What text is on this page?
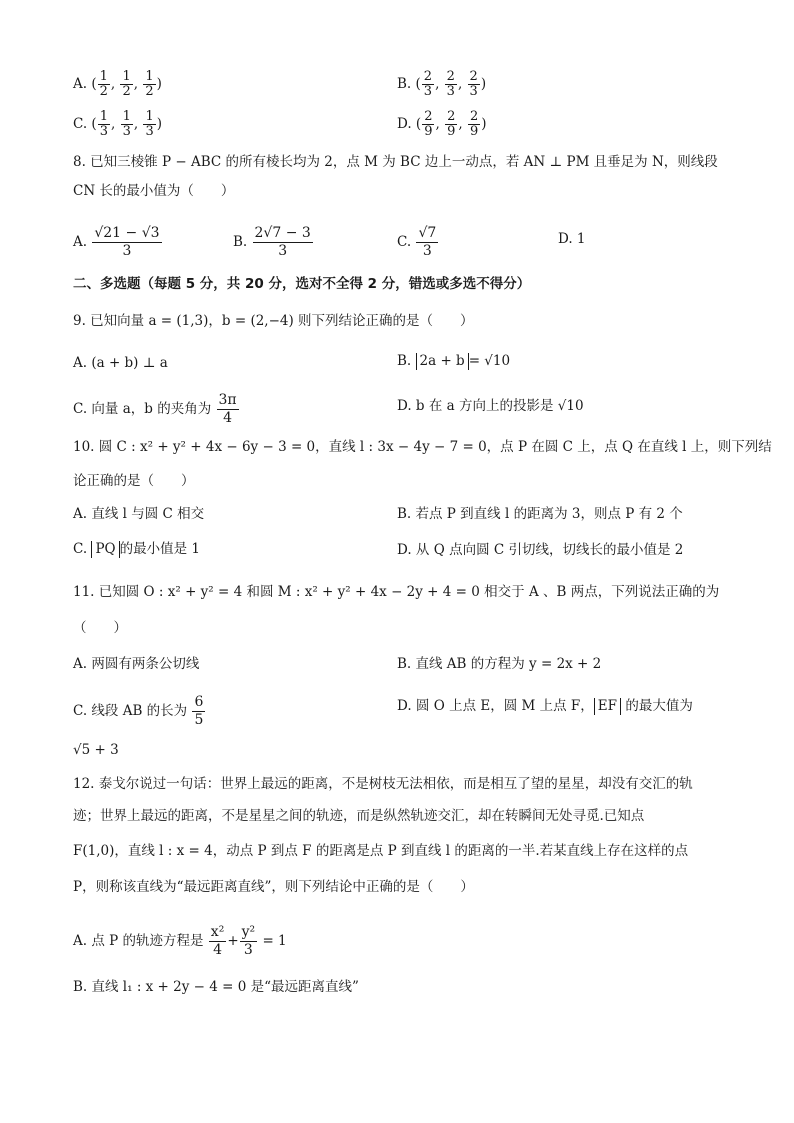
A. ( $\frac{1}{2}$ , $\frac{1}{2}$ , $\frac{1}{2}$ )	B. ( $\frac{2}{3}$ , $\frac{2}{3}$ , $\frac{2}{3}$ )
C. ( $\frac{1}{3}$ , $\frac{1}{3}$ , $\frac{1}{3}$ )	D. ( $\frac{2}{9}$ , $\frac{2}{9}$ , $\frac{2}{9}$ )
8. 已知三棱锥 P − ABC 的所有棱长均为 2，点 M 为 BC 边上一动点，若 AN ⊥ PM 且垂足为 N，则线段
CN 长的最小值为（　　）
A. $\frac{√21 - √3}{3}$	B. $\frac{2√7 - 3}{3}$	C. $\frac{√7}{3}$	D. 1
二、多选题（每题 5 分，共 20 分，选对不全得 2 分，错选或多选不得分）
9. 已知向量 a = (1,3)，b = (2,−4) 则下列结论正确的是（　　）
A. (a + b) ⊥ a	B. 2a + b = √10
C. 向量 a，b 的夹角为 $\frac{3\pi}{4}$	D. b 在 a 方向上的投影是 √10
10. 圆 C : x² + y² + 4x − 6y − 3 = 0，直线 l : 3x − 4y − 7 = 0，点 P 在圆 C 上，点 Q 在直线 l 上，则下列结
论正确的是（　　）
A. 直线 l 与圆 C 相交	B. 若点 P 到直线 l 的距离为 3，则点 P 有 2 个
C. PQ 的最小值是 1	D. 从 Q 点向圆 C 引切线，切线长的最小值是 2
11. 已知圆 O : x² + y² = 4 和圆 M : x² + y² + 4x − 2y + 4 = 0 相交于 A 、B 两点，下列说法正确的为
（　　）
A. 两圆有两条公切线	B. 直线 AB 的方程为 y = 2x + 2
C. 线段 AB 的长为 $\frac{6}{5}$	D. 圆 O 上点 E，圆 M 上点 F， EF 的最大值为
√5 + 3
12. 泰戈尔说过一句话：世界上最远的距离，不是树枝无法相依，而是相互了望的星星，却没有交汇的轨
迹；世界上最远的距离，不是星星之间的轨迹，而是纵然轨迹交汇，却在转瞬间无处寻觅.已知点
F(1,0)，直线 l : x = 4，动点 P 到点 F 的距离是点 P 到直线 l 的距离的一半.若某直线上存在这样的点
P，则称该直线为“最远距离直线”，则下列结论中正确的是（　　）
A. 点 P 的轨迹方程是 $\frac{\text{x²}}{4} + \frac{\text{y²}}{3} = 1$
B. 直线 l₁ : x + 2y − 4 = 0 是“最远距离直线”
